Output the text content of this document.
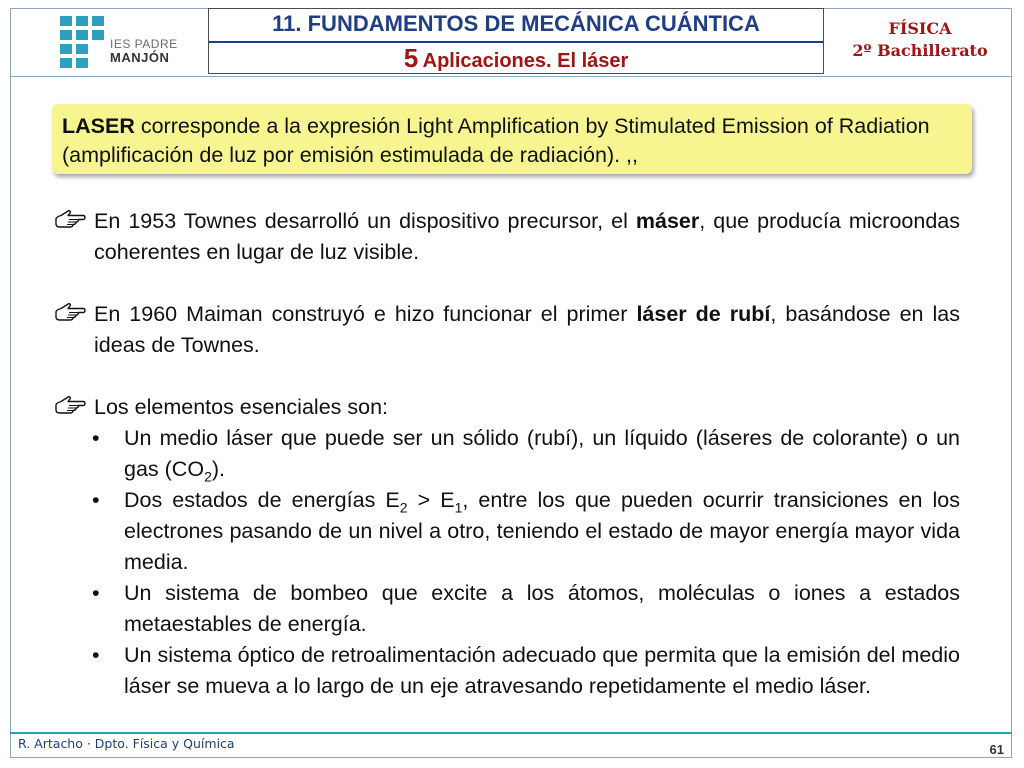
IES PADRE
MANJÓN
11. FUNDAMENTOS DE MECÁNICA CUÁNTICA
5 Aplicaciones. El láser
FÍSICA
2º Bachillerato
LASER corresponde a la expresión Light Amplification by Stimulated Emission of Radiation (amplificación de luz por emisión estimulada de radiación). ,,
En 1953 Townes desarrolló un dispositivo precursor, el máser, que producía microondas coherentes en lugar de luz visible.
En 1960 Maiman construyó e hizo funcionar el primer láser de rubí, basándose en las ideas de Townes.
Los elementos esenciales son:
• Un medio láser que puede ser un sólido (rubí), un líquido (láseres de colorante) o un gas $(CO_2)$.
• Dos estados de energías $E_2 > E_1$, entre los que pueden ocurrir transiciones en los electrones pasando de un nivel a otro, teniendo el estado de mayor energía mayor vida media.
• Un sistema de bombeo que excite a los átomos, moléculas o iones a estados metaestables de energía.
• Un sistema óptico de retroalimentación adecuado que permita que la emisión del medio láser se mueva a lo largo de un eje atravesando repetidamente el medio láser.
R. Artacho · Dpto. Física y Química	61
